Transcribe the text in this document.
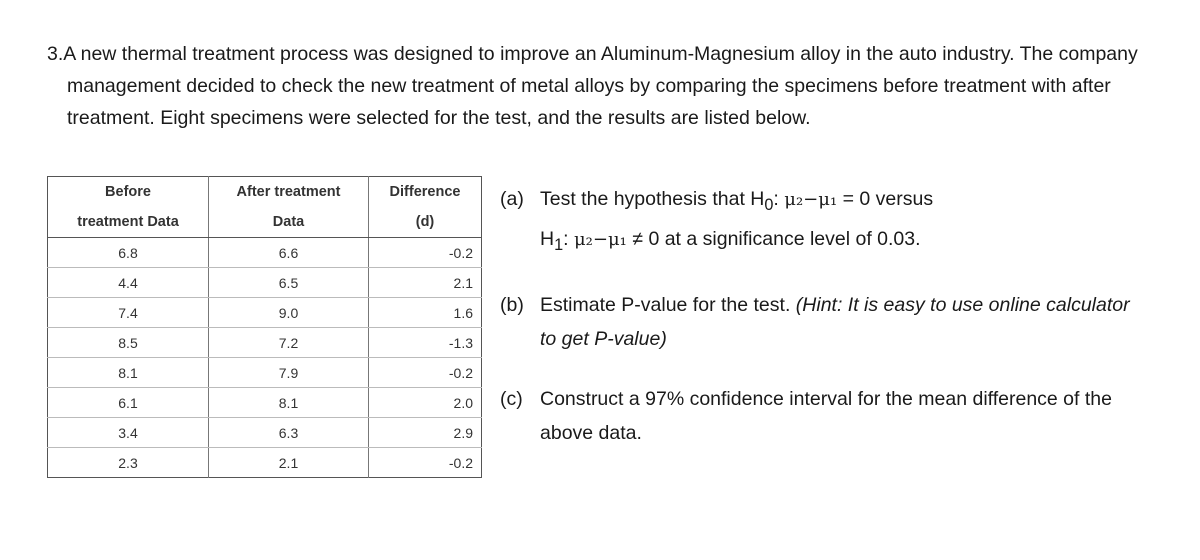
3.A new thermal treatment process was designed to improve an Aluminum-Magnesium alloy in the auto industry. The company management decided to check the new treatment of metal alloys by comparing the specimens before treatment with after treatment. Eight specimens were selected for the test, and the results are listed below.

Before	After treatment	Difference
treatment Data	Data	(d)
6.8	6.6	-0.2
4.4	6.5	2.1
7.4	9.0	1.6
8.5	7.2	-1.3
8.1	7.9	-0.2
6.1	8.1	2.0
3.4	6.3	2.9
2.3	2.1	-0.2
(a) Test the hypothesis that $H_0$: μ₂−μ₁ = 0 versus
$H_1$: μ₂−μ₁ ≠ 0 at a significance level of 0.03.
(b) Estimate P-value for the test. (Hint: It is easy to use online calculator to get P-value)
(c) Construct a 97% confidence interval for the mean difference of the above data.
